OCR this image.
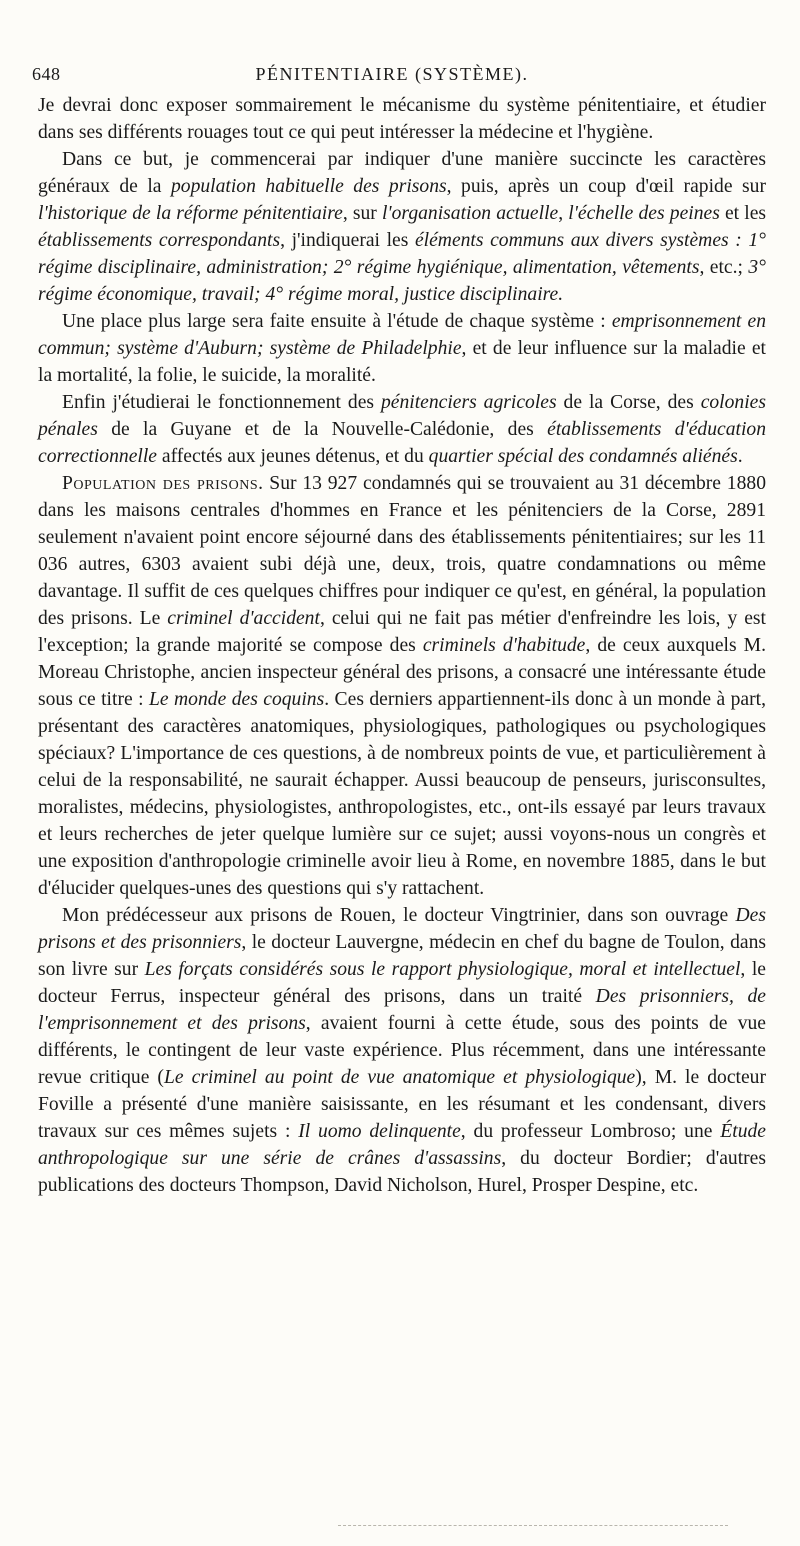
648	PÉNITENTIAIRE (SYSTÈME).

Je devrai donc exposer sommairement le mécanisme du système pénitentiaire, et étudier dans ses différents rouages tout ce qui peut intéresser la médecine et l'hygiène.

Dans ce but, je commencerai par indiquer d'une manière succincte les caractères généraux de la population habituelle des prisons, puis, après un coup d'œil rapide sur l'historique de la réforme pénitentiaire, sur l'organisation actuelle, l'échelle des peines et les établissements correspondants, j'indiquerai les éléments communs aux divers systèmes : 1° régime disciplinaire, administration; 2° régime hygiénique, alimentation, vêtements, etc.; 3° régime économique, travail; 4° régime moral, justice disciplinaire.

Une place plus large sera faite ensuite à l'étude de chaque système : emprisonnement en commun; système d'Auburn; système de Philadelphie, et de leur influence sur la maladie et la mortalité, la folie, le suicide, la moralité.

Enfin j'étudierai le fonctionnement des pénitenciers agricoles de la Corse, des colonies pénales de la Guyane et de la Nouvelle-Calédonie, des établissements d'éducation correctionnelle affectés aux jeunes détenus, et du quartier spécial des condamnés aliénés.

Population des prisons. Sur 13 927 condamnés qui se trouvaient au 31 décembre 1880 dans les maisons centrales d'hommes en France et les pénitenciers de la Corse, 2891 seulement n'avaient point encore séjourné dans des établissements pénitentiaires; sur les 11 036 autres, 6303 avaient subi déjà une, deux, trois, quatre condamnations ou même davantage. Il suffit de ces quelques chiffres pour indiquer ce qu'est, en général, la population des prisons. Le criminel d'accident, celui qui ne fait pas métier d'enfreindre les lois, y est l'exception; la grande majorité se compose des criminels d'habitude, de ceux auxquels M. Moreau Christophe, ancien inspecteur général des prisons, a consacré une intéressante étude sous ce titre : Le monde des coquins. Ces derniers appartiennent-ils donc à un monde à part, présentant des caractères anatomiques, physiologiques, pathologiques ou psychologiques spéciaux? L'importance de ces questions, à de nombreux points de vue, et particulièrement à celui de la responsabilité, ne saurait échapper. Aussi beaucoup de penseurs, jurisconsultes, moralistes, médecins, physiologistes, anthropologistes, etc., ont-ils essayé par leurs travaux et leurs recherches de jeter quelque lumière sur ce sujet; aussi voyons-nous un congrès et une exposition d'anthropologie criminelle avoir lieu à Rome, en novembre 1885, dans le but d'élucider quelques-unes des questions qui s'y rattachent.

Mon prédécesseur aux prisons de Rouen, le docteur Vingtrinier, dans son ouvrage Des prisons et des prisonniers, le docteur Lauvergne, médecin en chef du bagne de Toulon, dans son livre sur Les forçats considérés sous le rapport physiologique, moral et intellectuel, le docteur Ferrus, inspecteur général des prisons, dans un traité Des prisonniers, de l'emprisonnement et des prisons, avaient fourni à cette étude, sous des points de vue différents, le contingent de leur vaste expérience. Plus récemment, dans une intéressante revue critique (Le criminel au point de vue anatomique et physiologique), M. le docteur Foville a présenté d'une manière saisissante, en les résumant et les condensant, divers travaux sur ces mêmes sujets : Il uomo delinquente, du professeur Lombroso; une Étude anthropologique sur une série de crânes d'assassins, du docteur Bordier; d'autres publications des docteurs Thompson, David Nicholson, Hurel, Prosper Despine, etc.
